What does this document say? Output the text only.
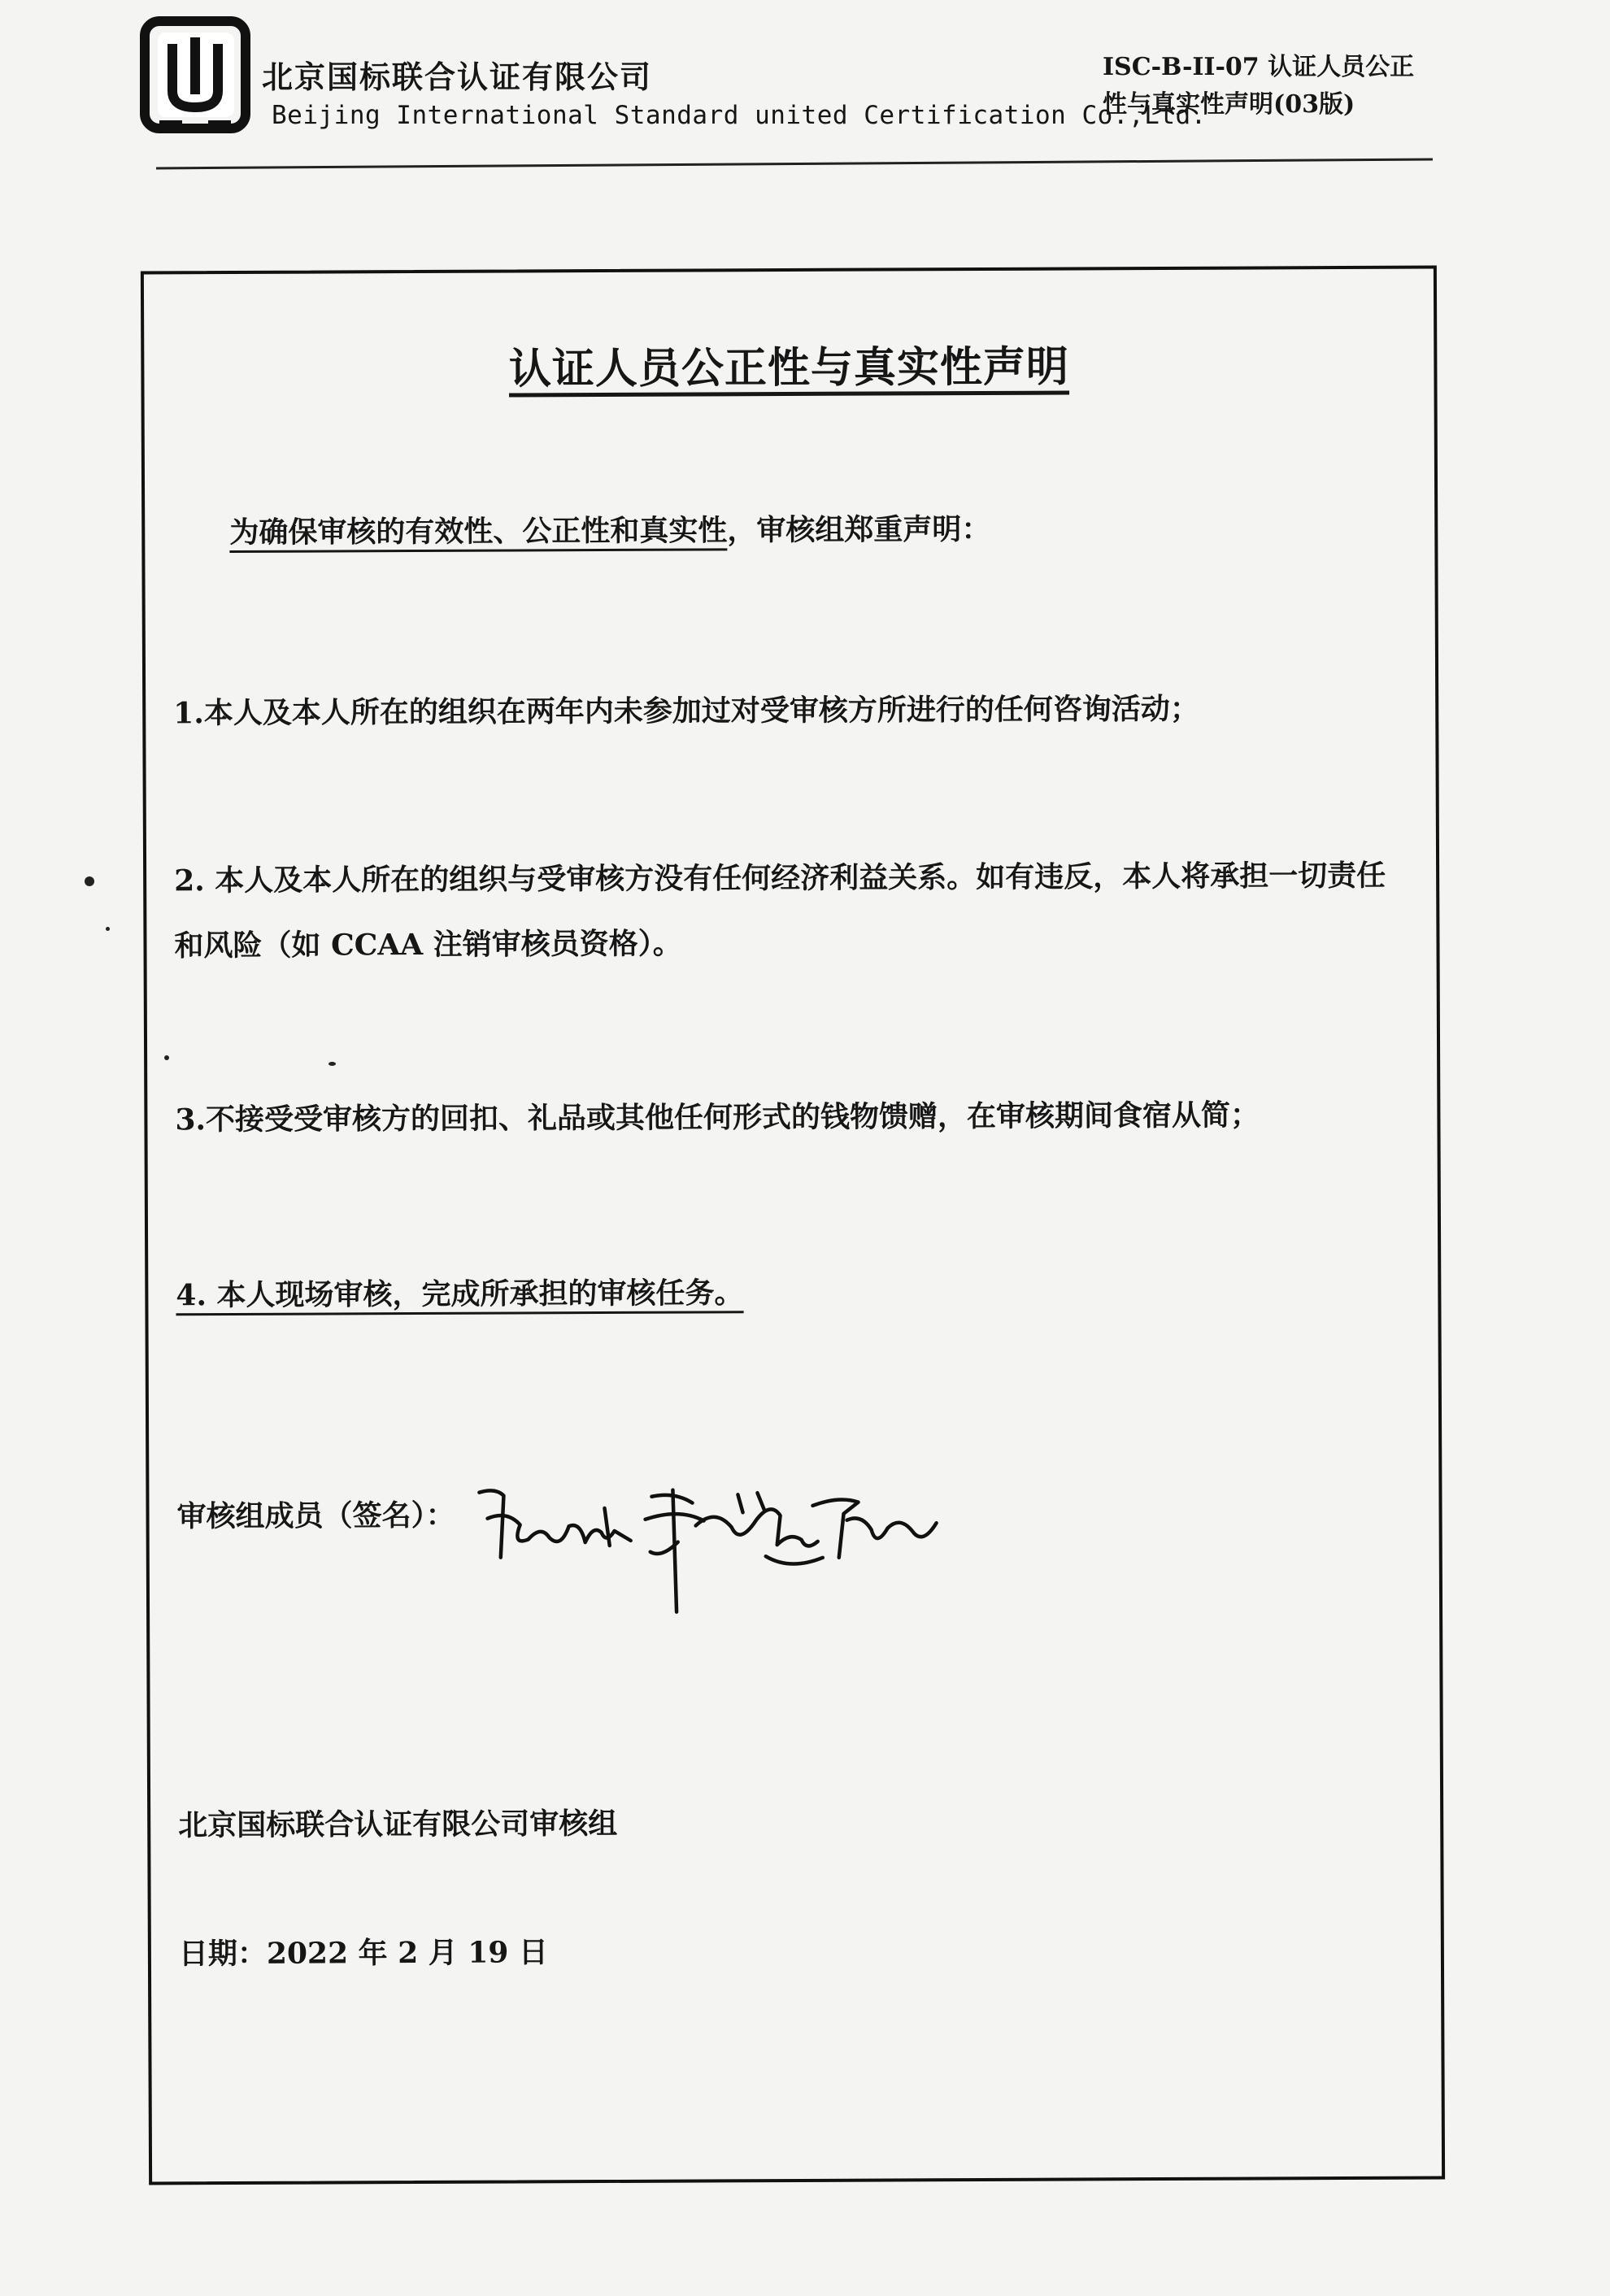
北京国标联合认证有限公司
Beijing International Standard united Certification Co.,Ltd.
ISC-B-II-07 认证人员公正
性与真实性声明(03版)
认证人员公正性与真实性声明
为确保审核的有效性、公正性和真实性，审核组郑重声明：
1.本人及本人所在的组织在两年内未参加过对受审核方所进行的任何咨询活动；
2. 本人及本人所在的组织与受审核方没有任何经济利益关系。如有违反，本人将承担一切责任和风险（如 CCAA 注销审核员资格）。
3.不接受受审核方的回扣、礼品或其他任何形式的钱物馈赠，在审核期间食宿从简；
4. 本人现场审核，完成所承担的审核任务。
审核组成员（签名）：
北京国标联合认证有限公司审核组
日期：2022 年 2 月 19 日
